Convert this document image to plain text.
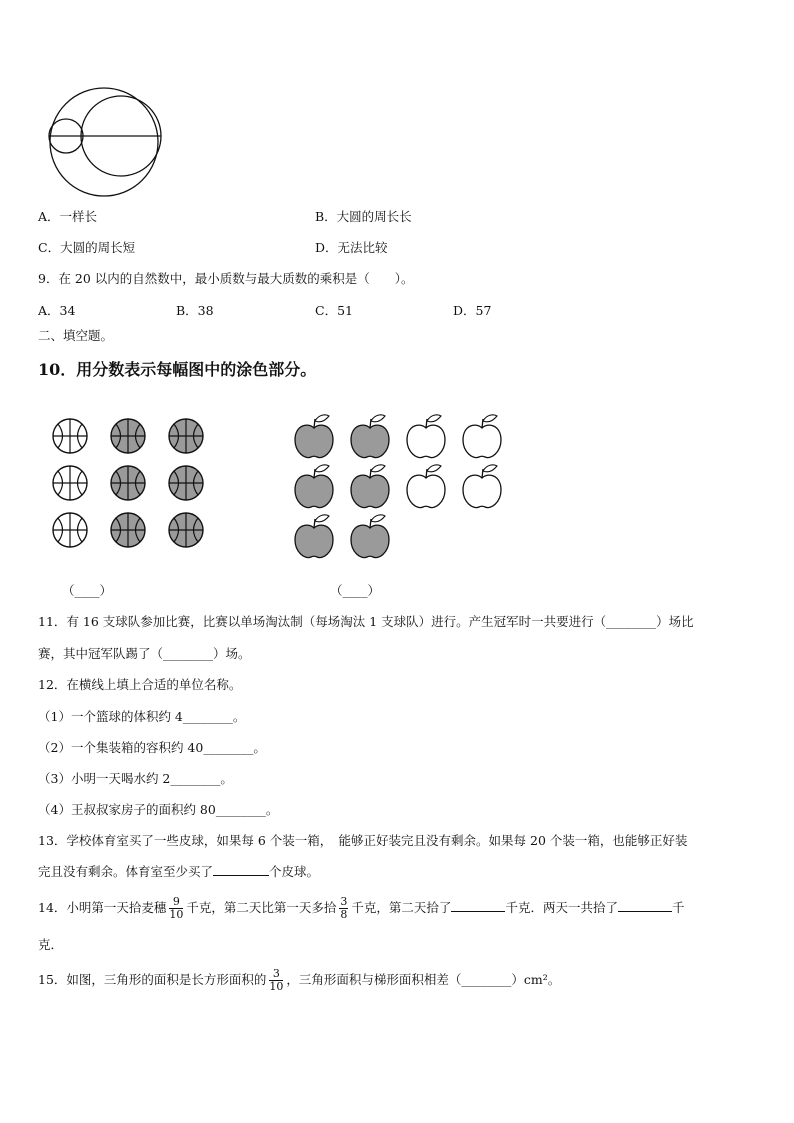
A．一样长	B．大圆的周长长
C．大圆的周长短	D．无法比较
9．在 20 以内的自然数中，最小质数与最大质数的乘积是（　　）。
A．34	B．38	C．51	D．57
二、填空题。
10．用分数表示每幅图中的涂色部分。
（____）	（____）
11．有 16 支球队参加比赛，比赛以单场淘汰制（每场淘汰 1 支球队）进行。产生冠军时一共要进行（________）场比
赛，其中冠军队踢了（________）场。
12．在横线上填上合适的单位名称。
（1）一个篮球的体积约 4________。
（2）一个集装箱的容积约 40________。
（3）小明一天喝水约 2________。
（4）王叔叔家房子的面积约 80________。
13．学校体育室买了一些皮球，如果每 6 个装一箱，　能够正好装完且没有剩余。如果每 20 个装一箱，也能够正好装
完且没有剩余。体育室至少买了	个皮球。
14．小明第一天拾麦穗 $\frac{9}{10}$ 千克，第二天比第一天多拾 $\frac{3}{8}$ 千克，第二天拾了	千克．两天一共拾了	千
克．
15．如图，三角形的面积是长方形面积的 $\frac{3}{10}$ ，三角形面积与梯形面积相差（________）cm²。
